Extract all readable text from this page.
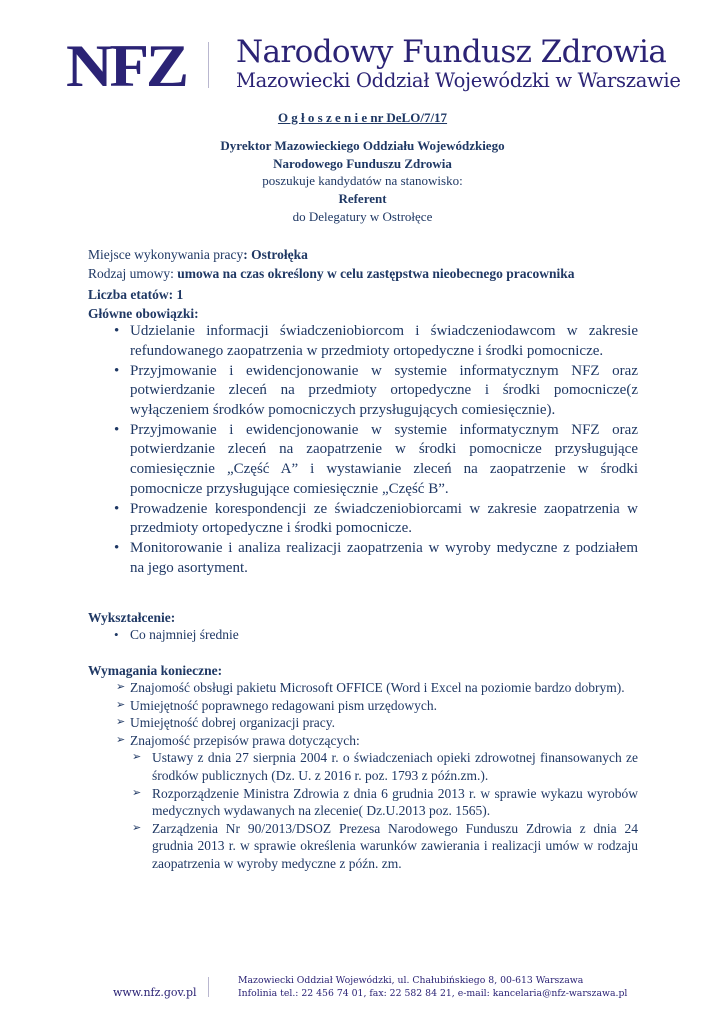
NFZ Narodowy Fundusz Zdrowia
Mazowiecki Oddział Wojewódzki w Warszawie
O g ł o s z e n i e nr DeLO/7/17
Dyrektor Mazowieckiego Oddziału Wojewódzkiego
Narodowego Funduszu Zdrowia
poszukuje kandydatów na stanowisko:
Referent
do Delegatury w Ostrołęce
Miejsce wykonywania pracy: Ostrołęka
Rodzaj umowy: umowa na czas określony w celu zastępstwa nieobecnego pracownika
Liczba etatów: 1
Główne obowiązki:
• Udzielanie informacji świadczeniobiorcom i świadczeniodawcom w zakresie refundowanego zaopatrzenia w przedmioty ortopedyczne i środki pomocnicze.
• Przyjmowanie i ewidencjonowanie w systemie informatycznym NFZ oraz potwierdzanie zleceń na przedmioty ortopedyczne i środki pomocnicze(z wyłączeniem środków pomocniczych przysługujących comiesięcznie).
• Przyjmowanie i ewidencjonowanie w systemie informatycznym NFZ oraz potwierdzanie zleceń na zaopatrzenie w środki pomocnicze przysługujące comiesięcznie „Część A” i wystawianie zleceń na zaopatrzenie w środki pomocnicze przysługujące comiesięcznie „Część B”.
• Prowadzenie korespondencji ze świadczeniobiorcami w zakresie zaopatrzenia w przedmioty ortopedyczne i środki pomocnicze.
• Monitorowanie i analiza realizacji zaopatrzenia w wyroby medyczne z podziałem na jego asortyment.
Wykształcenie:
• Co najmniej średnie
Wymagania konieczne:
➢ Znajomość obsługi pakietu Microsoft OFFICE (Word i Excel na poziomie bardzo dobrym).
➢ Umiejętność poprawnego redagowani pism urzędowych.
➢ Umiejętność dobrej organizacji pracy.
➢ Znajomość przepisów prawa dotyczących:
➢ Ustawy z dnia 27 sierpnia 2004 r. o świadczeniach opieki zdrowotnej finansowanych ze środków publicznych (Dz. U. z 2016 r. poz. 1793 z późn.zm.).
➢ Rozporządzenie Ministra Zdrowia z dnia 6 grudnia 2013 r. w sprawie wykazu wyrobów medycznych wydawanych na zlecenie( Dz.U.2013 poz. 1565).
➢ Zarządzenia Nr 90/2013/DSOZ Prezesa Narodowego Funduszu Zdrowia z dnia 24 grudnia 2013 r. w sprawie określenia warunków zawierania i realizacji umów w rodzaju zaopatrzenia w wyroby medyczne z późn. zm.
www.nfz.gov.pl
Mazowiecki Oddział Wojewódzki, ul. Chałubińskiego 8, 00-613 Warszawa
Infolinia tel.: 22 456 74 01, fax: 22 582 84 21, e-mail: kancelaria@nfz-warszawa.pl
